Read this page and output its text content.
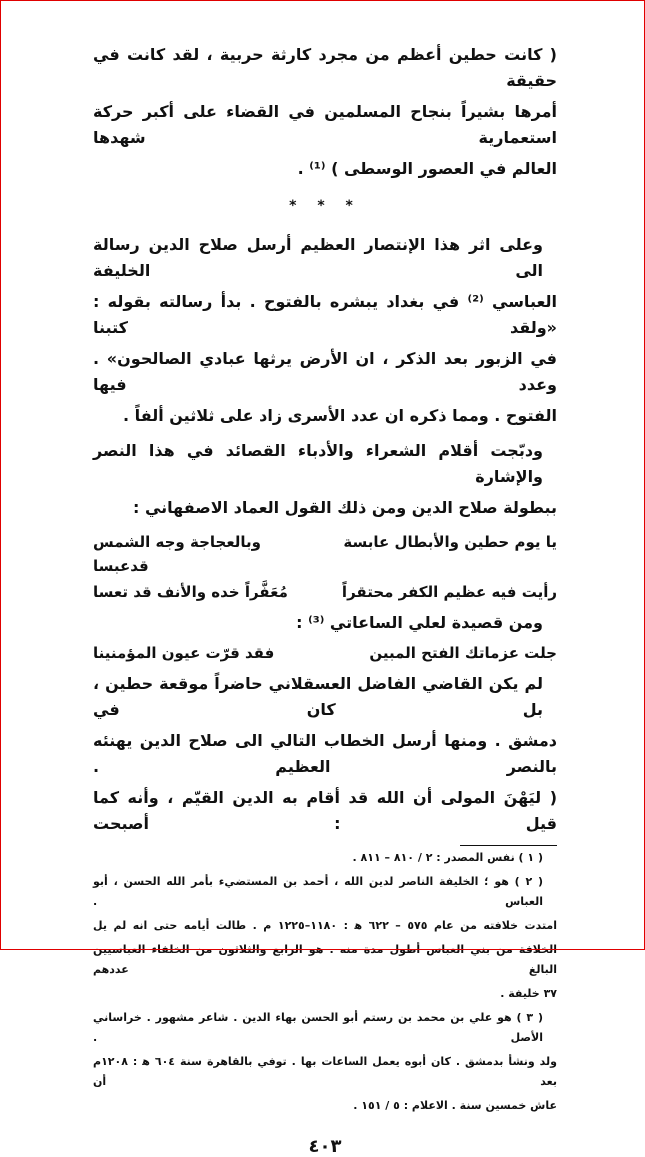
( كانت حطين أعظم من مجرد كارثة حربية ، لقد كانت في حقيقة
أمرها بشيراً بنجاح المسلمين في القضاء على أكبر حركة استعمارية شهدها
العالم في العصور الوسطى ) ⁽¹⁾ .
* * *
وعلى اثر هذا الإنتصار العظيم أرسل صلاح الدين رسالة الى الخليفة
العباسي ⁽²⁾ في بغداد يبشره بالفتوح . بدأ رسالته بقوله : «ولقد كتبنا
في الزبور بعد الذكر ، ان الأرض يرثها عبادي الصالحون» . وعدد فيها
الفتوح . ومما ذكره ان عدد الأسرى زاد على ثلاثين ألفاً .
ودبّجت أقلام الشعراء والأدباء القصائد في هذا النصر والإشارة
ببطولة صلاح الدين ومن ذلك القول العماد الاصفهاني :
يا يوم حطين والأبطال عابسة
وبالعجاجة وجه الشمس قدعبسا
رأيت فيه عظيم الكفر محتقراً
مُعَفَّراً خده والأنف قد تعسا
ومن قصيدة لعلي الساعاتي ⁽³⁾ :
جلت عزماتك الفتح المبين
فقد قرّت عيون المؤمنينا
لم يكن القاضي الفاضل العسقلاني حاضراً موقعة حطين ، بل كان في
دمشق . ومنها أرسل الخطاب التالي الى صلاح الدين يهنئه بالنصر العظيم .
( ليَهْنَ المولى أن الله قد أقام به الدين القيّم ، وأنه كما قيل : أصبحت
( ١ ) نفس المصدر : ٢ / ٨١٠ – ٨١١ .
( ٢ ) هو ؛ الخليفة الناصر لدين الله ، أحمد بن المستضيء بأمر الله الحسن ، أبو العباس .
امتدت خلافته من عام ٥٧٥ – ٦٢٢ ﻫ : ١١٨٠–١٢٢٥ م . طالت أيامه حتى انه لم يل
الخلافة من بني العباس أطول مدة منه . هو الرابع والثلاثون من الخلفاء العباسيين البالغ عددهم
٣٧ خليفة .
( ٣ ) هو علي بن محمد بن رستم أبو الحسن بهاء الدين . شاعر مشهور . خراساني الأصل .
ولد ونشأ بدمشق . كان أبوه يعمل الساعات بها . توفي بالقاهرة سنة ٦٠٤ ﻫ : ١٢٠٨م بعد أن
عاش خمسين سنة . الاعلام : ٥ / ١٥١ .
٤٠٣
